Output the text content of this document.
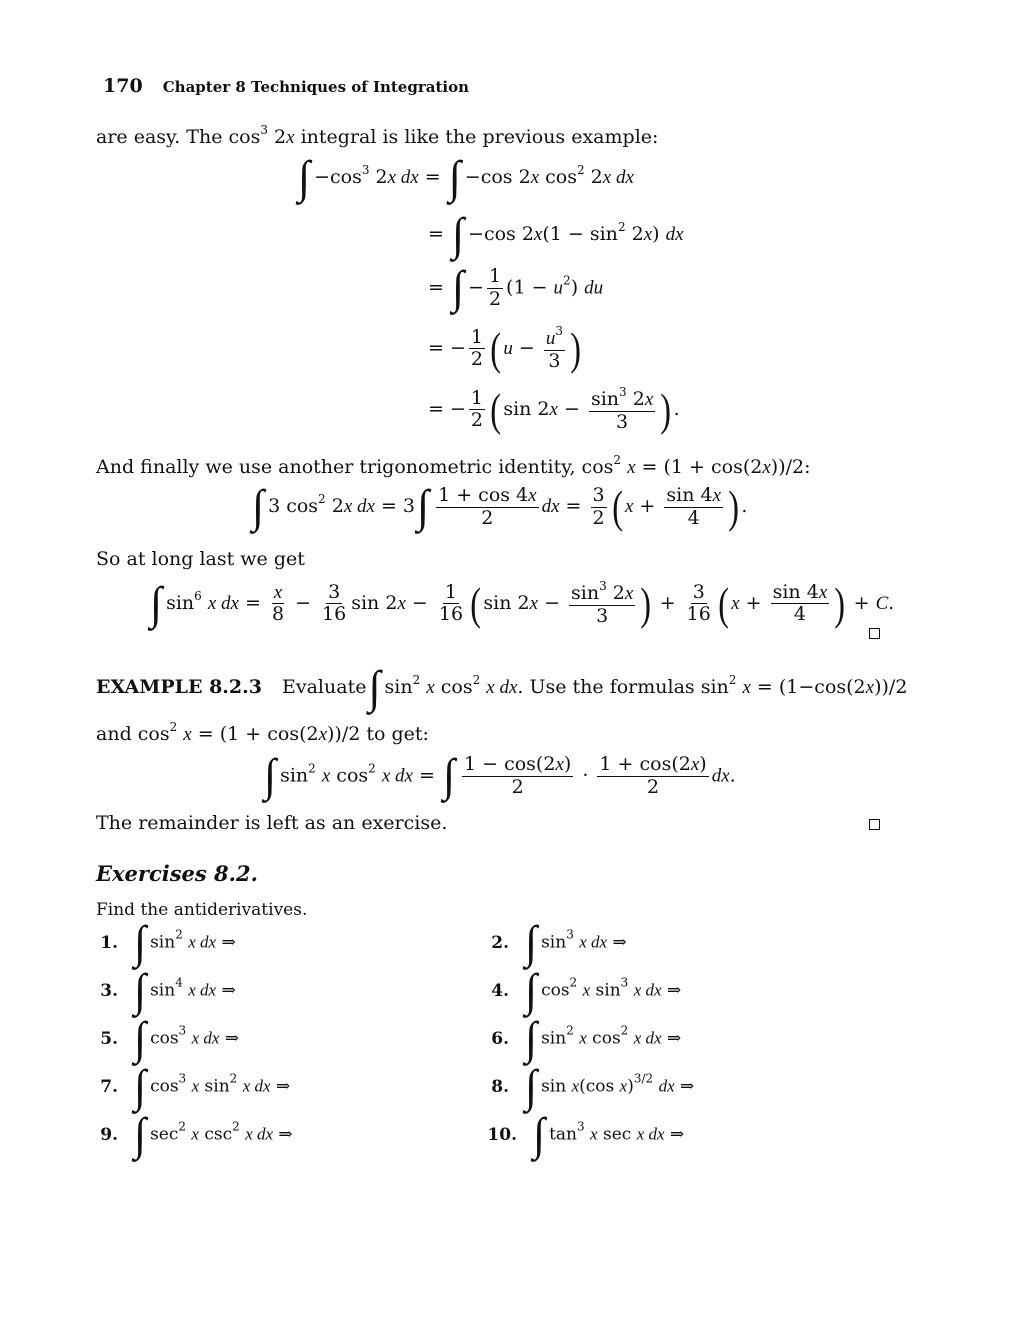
170 Chapter 8 Techniques of Integration
are easy. The $\cos^3 2x$ integral is like the previous example:
∫ $-\cos^3$ 2x dx = ∫ −cos 2x $\cos^2 2x$ dx
= ∫ −cos $2x(1 - \sin^2 2x)$ dx
= ∫ − $\frac{1}{2} (1 - u^2)$ du
= − $\frac{1}{2}$ ( $u - \frac{u^3}{3}$ )
= − $\frac{1}{2}$ ( $\sin 2x - \frac{\sin^3 2x}{3}$ ) .
And finally we use another trigonometric identity, $\cos^2 x = (1 + \cos(2x))/2$:
∫ 3 $\cos^2 2x$ dx = $3\int \frac{1 + \cos 4x}{2}$ dx = $\frac{3}{2}$ ( $x + \frac{\sin 4x}{4}$ ) .
So at long last we get
∫ $\sin^6 x$ dx = $\frac{x}{8} - \frac{3}{16}$ $\sin 2x - \frac{1}{16}$ ( $\sin 2x - \frac{\sin^3 2x}{3}$ ) + $\frac{3}{16}$ ( $x + \frac{\sin 4x}{4}$ ) + C.
EXAMPLE 8.2.3 Evaluate∫ $\sin^2 x$ $\cos^2 x$ dx. Use the formulas $\sin^2 x = (1-\cos(2x))/2$
and $\cos^2 x = (1 + \cos(2x))/2$ to get:
∫ $\sin^2 x$ $\cos^2 x$ dx = ∫ $\frac{1 - \cos(2x)}{2} \cdot \frac{1 + \cos(2x)}{2}$ dx.
The remainder is left as an exercise.
Exercises 8.2.
Find the antiderivatives.
1. ∫ $\sin^2 x$ dx ⇒
3. ∫ $\sin^4 x$ dx ⇒
5. ∫ $\cos^3 x$ dx ⇒
7. ∫ $\cos^3 x$ $\sin^2 x$ dx ⇒
9. ∫ $\sec^2 x$ $\csc^2 x$ dx ⇒
2. ∫ $\sin^3 x$ dx ⇒
4. ∫ $\cos^2 x$ $\sin^3 x$ dx ⇒
6. ∫ $\sin^2 x$ $\cos^2 x$ dx ⇒
8. ∫ sin x(cos x)$^{3/2}$ dx ⇒
10. ∫ $\tan^3 x$ sec x dx ⇒
